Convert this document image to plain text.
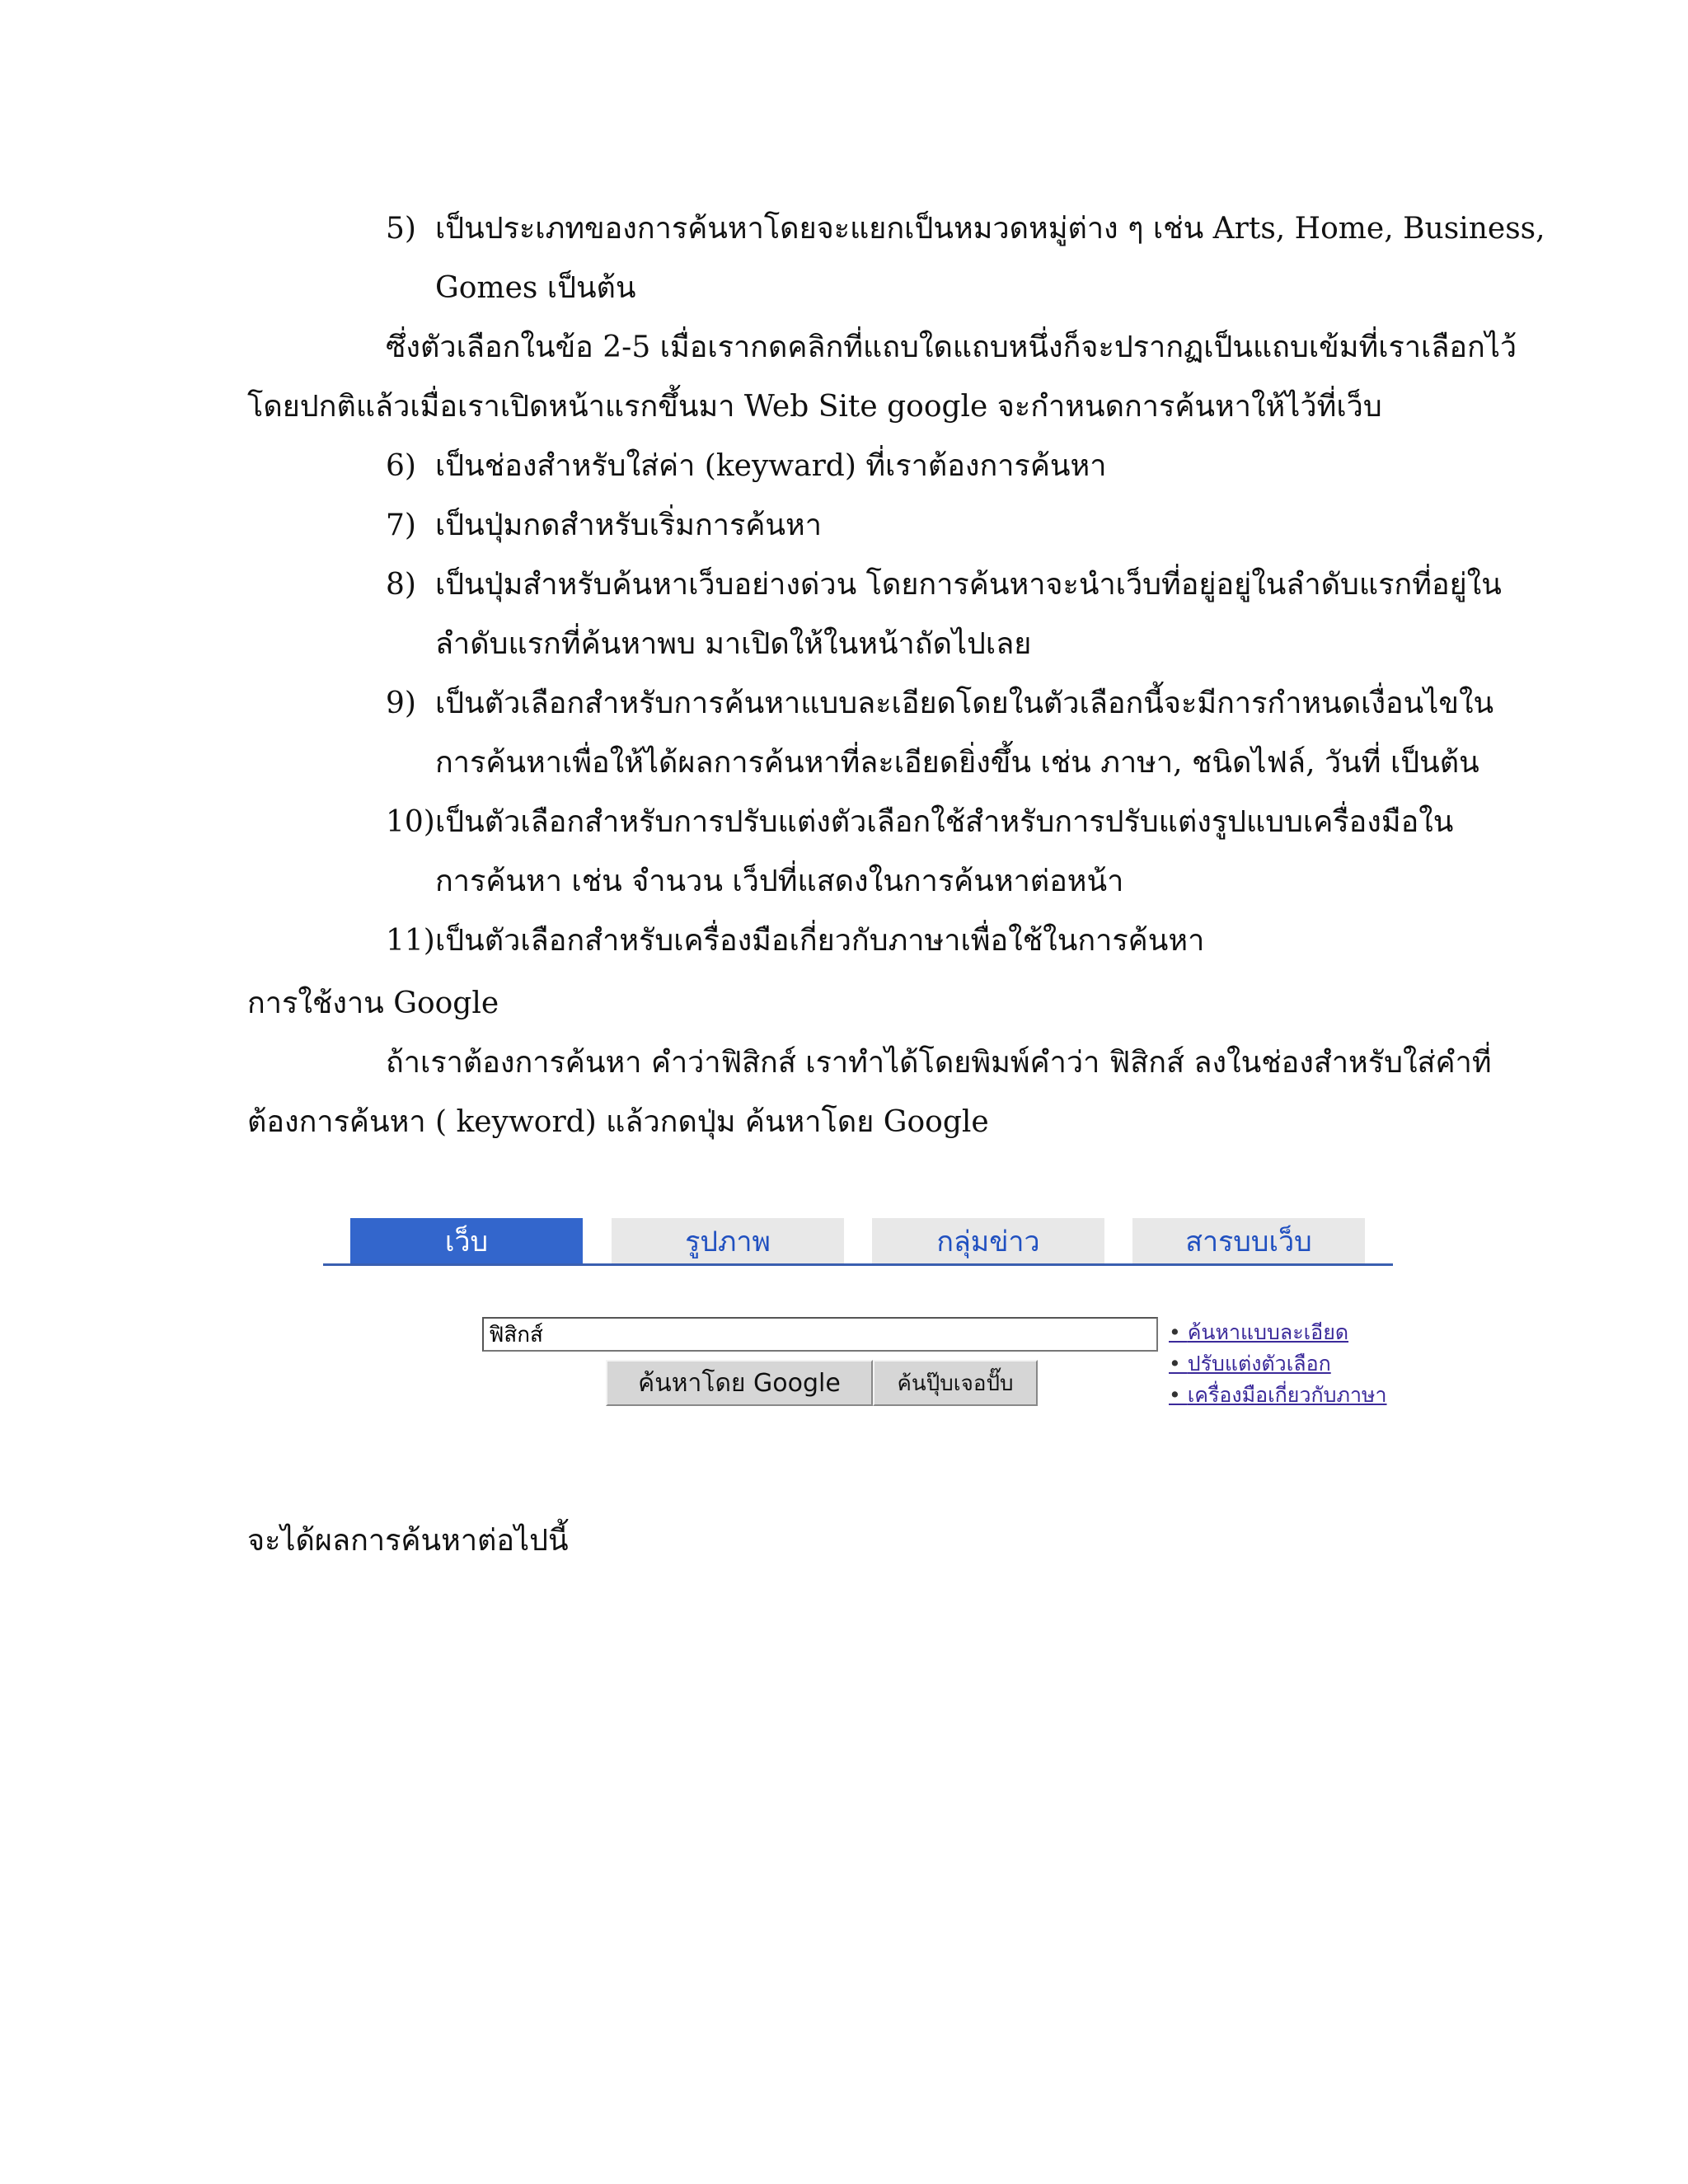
5) เป็นประเภทของการค้นหาโดยจะแยกเป็นหมวดหมู่ต่าง ๆ เช่น Arts, Home, Business,
Gomes เป็นต้น
ซึ่งตัวเลือกในข้อ 2-5 เมื่อเรากดคลิกที่แถบใดแถบหนึ่งก็จะปรากฏเป็นแถบเข้มที่เราเลือกไว้
โดยปกติแล้วเมื่อเราเปิดหน้าแรกขึ้นมา Web Site google จะกำหนดการค้นหาให้ไว้ที่เว็บ
6) เป็นช่องสำหรับใส่ค่า (keyward) ที่เราต้องการค้นหา
7) เป็นปุ่มกดสำหรับเริ่มการค้นหา
8) เป็นปุ่มสำหรับค้นหาเว็บอย่างด่วน โดยการค้นหาจะนำเว็บที่อยู่อยู่ในลำดับแรกที่อยู่ใน
ลำดับแรกที่ค้นหาพบ มาเปิดให้ในหน้าถัดไปเลย
9) เป็นตัวเลือกสำหรับการค้นหาแบบละเอียดโดยในตัวเลือกนี้จะมีการกำหนดเงื่อนไขใน
การค้นหาเพื่อให้ได้ผลการค้นหาที่ละเอียดยิ่งขึ้น เช่น ภาษา, ชนิดไฟล์, วันที่ เป็นต้น
10)เป็นตัวเลือกสำหรับการปรับแต่งตัวเลือกใช้สำหรับการปรับแต่งรูปแบบเครื่องมือใน
การค้นหา เช่น จำนวน เว็ปที่แสดงในการค้นหาต่อหน้า
11)เป็นตัวเลือกสำหรับเครื่องมือเกี่ยวกับภาษาเพื่อใช้ในการค้นหา
การใช้งาน Google
ถ้าเราต้องการค้นหา คำว่าฟิสิกส์ เราทำได้โดยพิมพ์คำว่า ฟิสิกส์ ลงในช่องสำหรับใส่คำที่
ต้องการค้นหา ( keyword) แล้วกดปุ่ม ค้นหาโดย Google
เว็บ	รูปภาพ	กลุ่มข่าว	สารบบเว็บ
ฟิสิกส์
ค้นหาโดย Google	ค้นปุ๊บเจอปั๊บ
• ค้นหาแบบละเอียด
• ปรับแต่งตัวเลือก
• เครื่องมือเกี่ยวกับภาษา
จะได้ผลการค้นหาต่อไปนี้
